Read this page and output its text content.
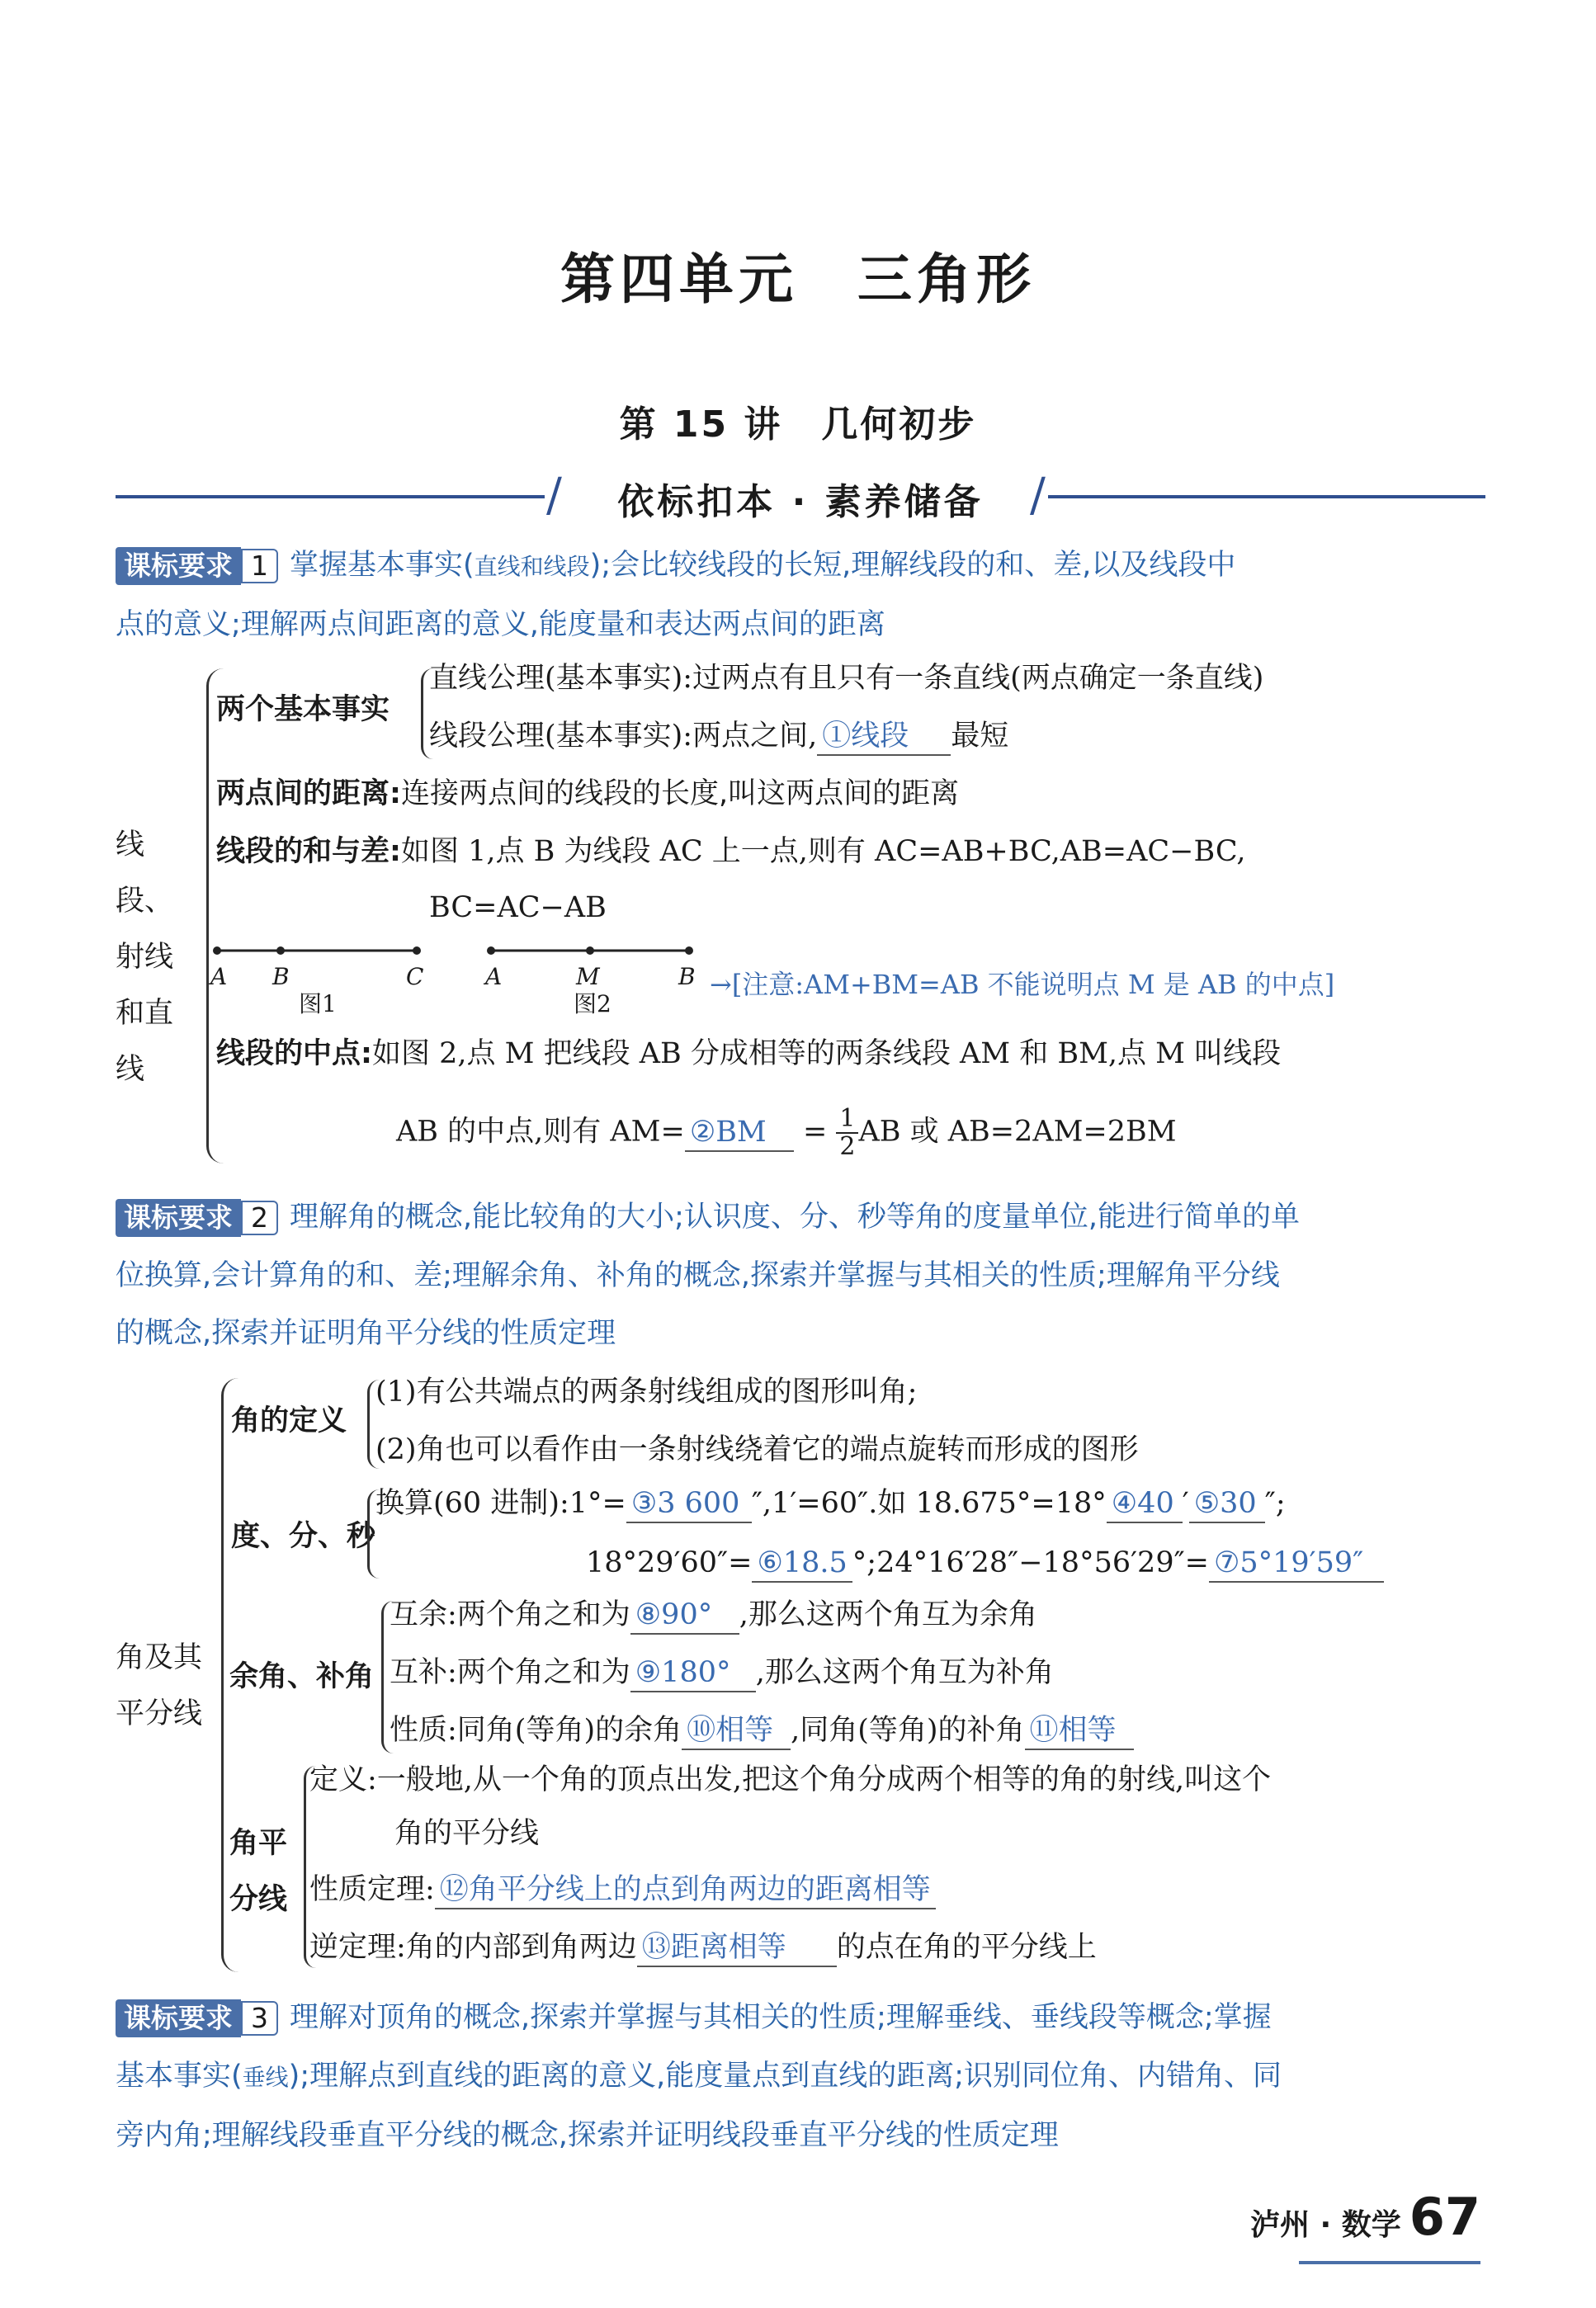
第四单元　三角形
第 15 讲　几何初步
/	依标扣本 · 素养储备	/
课标要求 1 掌握基本事实(直线和线段);会比较线段的长短,理解线段的和、差,以及线段中
点的意义;理解两点间距离的意义,能度量和表达两点间的距离
线段、射线和直线
两个基本事实
直线公理(基本事实):过两点有且只有一条直线(两点确定一条直线)
线段公理(基本事实):两点之间, ①线段 最短
两点间的距离:连接两点间的线段的长度,叫这两点间的距离
线段的和与差:如图 1,点 B 为线段 AC 上一点,则有 AC=AB+BC,AB=AC−BC,
BC=AC−AB
A B	C
图1
A	M	B
图2
→[注意:AM+BM=AB 不能说明点 M 是 AB 的中点]
线段的中点:如图 2,点 M 把线段 AB 分成相等的两条线段 AM 和 BM,点 M 叫线段
AB 的中点,则有 AM= ②BM = $\frac{1}{2}$ AB 或 AB=2AM=2BM
课标要求 2 理解角的概念,能比较角的大小;认识度、分、秒等角的度量单位,能进行简单的单
位换算,会计算角的和、差;理解余角、补角的概念,探索并掌握与其相关的性质;理解角平分线
的概念,探索并证明角平分线的性质定理
角及其平分线
角的定义
(1)有公共端点的两条射线组成的图形叫角;
(2)角也可以看作由一条射线绕着它的端点旋转而形成的图形
度、分、秒
换算(60 进制):1°= ③3 600 ″,1′=60″.如 18.675°=18° ④40 ′ ⑤30 ″;
18°29′60″= ⑥18.5 °;24°16′28″−18°56′29″= ⑦5°19′59″
余角、补角
互余:两个角之和为 ⑧90° ,那么这两个角互为余角
互补:两个角之和为 ⑨180° ,那么这两个角互为补角
性质:同角(等角)的余角 ⑩相等 ,同角(等角)的补角 ⑪相等
角平分线
定义:一般地,从一个角的顶点出发,把这个角分成两个相等的角的射线,叫这个
角的平分线
性质定理: ⑫角平分线上的点到角两边的距离相等
逆定理:角的内部到角两边 ⑬距离相等 的点在角的平分线上
课标要求 3 理解对顶角的概念,探索并掌握与其相关的性质;理解垂线、垂线段等概念;掌握
基本事实(垂线);理解点到直线的距离的意义,能度量点到直线的距离;识别同位角、内错角、同
旁内角;理解线段垂直平分线的概念,探索并证明线段垂直平分线的性质定理
泸州 · 数学 67
